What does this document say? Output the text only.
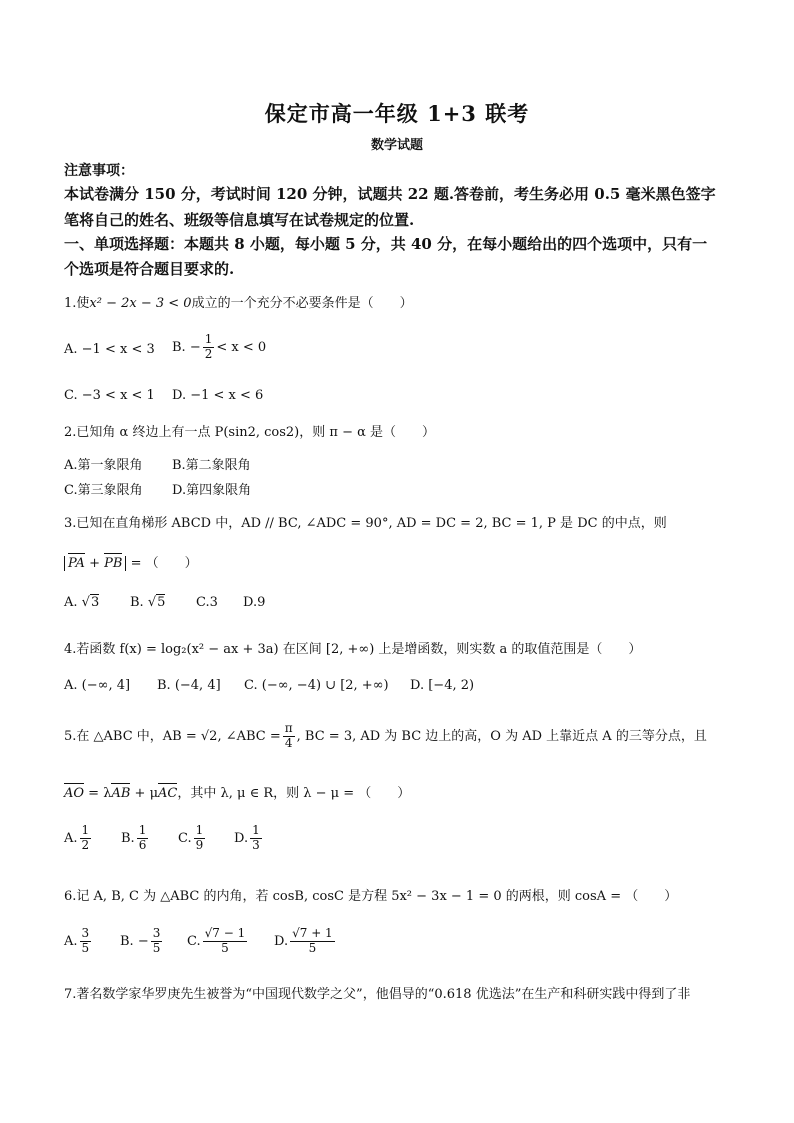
保定市高一年级 1+3 联考
数学试题
注意事项：
本试卷满分 150 分，考试时间 120 分钟，试题共 22 题.答卷前，考生务必用 0.5 毫米黑色签字
笔将自己的姓名、班级等信息填写在试卷规定的位置.
一、单项选择题：本题共 8 小题，每小题 5 分，共 40 分，在每小题给出的四个选项中，只有一
个选项是符合题目要求的.
1.使x² − 2x − 3 < 0成立的一个充分不必要条件是（　　）
A. −1 < x < 3 B. − $\frac{1}{2} < x < 0$
C. −3 < x < 1 D. −1 < x < 6
2.已知角 α 终边上有一点 P(sin2, cos2)，则 π − α 是（　　）
A.第一象限角 B.第二象限角
C.第三象限角 D.第四象限角
3.已知在直角梯形 ABCD 中，AD // BC, ∠ADC = 90°, AD = DC = 2, BC = 1, P 是 DC 的中点，则
PA + PB = （　　）
A. √3 B. √5 C.3 D.9
4.若函数 f(x) = log₂(x² − ax + 3a) 在区间 [2, +∞) 上是增函数，则实数 a 的取值范围是（　　）
A. (−∞, 4] B. (−4, 4] C. (−∞, −4) ∪ [2, +∞) D. [−4, 2)
5.在 △ABC 中，AB = √2, ∠ABC = $\frac{\pi}{4}$ , BC = 3, AD 为 BC 边上的高，O 为 AD 上靠近点 A 的三等分点，且
AO = λAB + μAC，其中 λ, μ ∈ R，则 λ − μ = （　　）
A. $\frac{1}{2} B$. $\frac{1}{6} C$. $\frac{1}{9} D$. $\frac{1}{3}$
6.记 A, B, C 为 △ABC 的内角，若 cosB, cosC 是方程 5x² − 3x − 1 = 0 的两根，则 cosA = （　　）
A. $\frac{3}{5} B$. − $\frac{3}{5} C$. $\frac{√7 - 1}{5} D$. $\frac{√7 + 1}{5}$
7.著名数学家华罗庚先生被誉为“中国现代数学之父”，他倡导的“0.618 优选法”在生产和科研实践中得到了非
